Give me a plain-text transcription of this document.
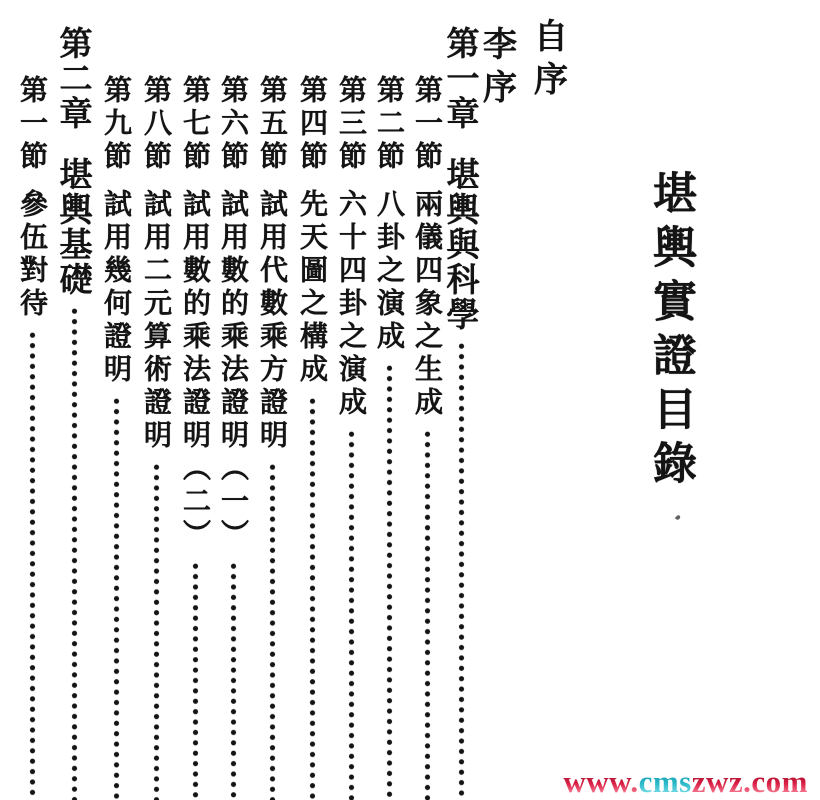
堪輿實證目錄
自序
李序
第一章
堪輿與科學
第一節
兩儀四象之生成
第二節
八卦之演成
第三節
六十四卦之演成
第四節
先天圖之構成
第五節
試用代數乘方證明
第六節
試用數的乘法證明（一）
第七節
試用數的乘法證明（二）
第八節
試用二元算術證明
第九節
試用幾何證明
第二章
堪輿基礎
第一節
參伍對待
www.cmszwz.com
